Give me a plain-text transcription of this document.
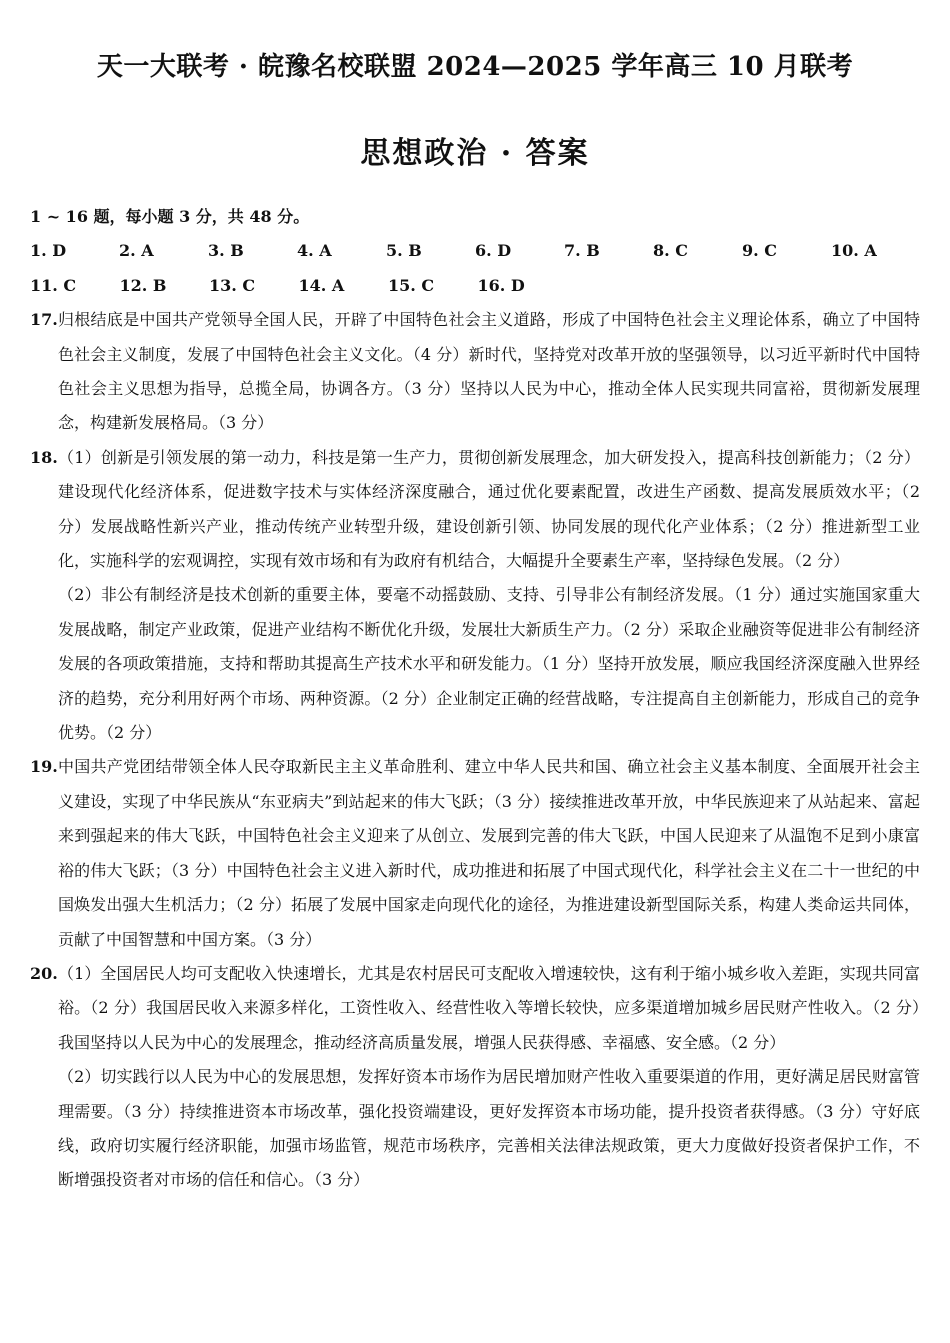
天一大联考 · 皖豫名校联盟 2024—2025 学年高三 10 月联考
思想政治 · 答案
1 ~ 16 题，每小题 3 分，共 48 分。
1. D	2. A	3. B	4. A	5. B	6. D	7. B	8. C	9. C	10. A
11. C	12. B	13. C	14. A	15. C	16. D
17. 归根结底是中国共产党领导全国人民，开辟了中国特色社会主义道路，形成了中国特色社会主义理论体系，确立了中国特色社会主义制度，发展了中国特色社会主义文化。（4 分）新时代，坚持党对改革开放的坚强领导，以习近平新时代中国特色社会主义思想为指导，总揽全局，协调各方。（3 分）坚持以人民为中心，推动全体人民实现共同富裕，贯彻新发展理念，构建新发展格局。（3 分）
18. （1）创新是引领发展的第一动力，科技是第一生产力，贯彻创新发展理念，加大研发投入，提高科技创新能力；（2 分）建设现代化经济体系，促进数字技术与实体经济深度融合，通过优化要素配置，改进生产函数、提高发展质效水平；（2 分）发展战略性新兴产业，推动传统产业转型升级，建设创新引领、协同发展的现代化产业体系；（2 分）推进新型工业化，实施科学的宏观调控，实现有效市场和有为政府有机结合，大幅提升全要素生产率，坚持绿色发展。（2 分）
（2）非公有制经济是技术创新的重要主体，要毫不动摇鼓励、支持、引导非公有制经济发展。（1 分）通过实施国家重大发展战略，制定产业政策，促进产业结构不断优化升级，发展壮大新质生产力。（2 分）采取企业融资等促进非公有制经济发展的各项政策措施，支持和帮助其提高生产技术水平和研发能力。（1 分）坚持开放发展，顺应我国经济深度融入世界经济的趋势，充分利用好两个市场、两种资源。（2 分）企业制定正确的经营战略，专注提高自主创新能力，形成自己的竞争优势。（2 分）
19. 中国共产党团结带领全体人民夺取新民主主义革命胜利、建立中华人民共和国、确立社会主义基本制度、全面展开社会主义建设，实现了中华民族从“东亚病夫”到站起来的伟大飞跃；（3 分）接续推进改革开放，中华民族迎来了从站起来、富起来到强起来的伟大飞跃，中国特色社会主义迎来了从创立、发展到完善的伟大飞跃，中国人民迎来了从温饱不足到小康富裕的伟大飞跃；（3 分）中国特色社会主义进入新时代，成功推进和拓展了中国式现代化，科学社会主义在二十一世纪的中国焕发出强大生机活力；（2 分）拓展了发展中国家走向现代化的途径，为推进建设新型国际关系，构建人类命运共同体，贡献了中国智慧和中国方案。（3 分）
20. （1）全国居民人均可支配收入快速增长，尤其是农村居民可支配收入增速较快，这有利于缩小城乡收入差距，实现共同富裕。（2 分）我国居民收入来源多样化，工资性收入、经营性收入等增长较快，应多渠道增加城乡居民财产性收入。（2 分）我国坚持以人民为中心的发展理念，推动经济高质量发展，增强人民获得感、幸福感、安全感。（2 分）
（2）切实践行以人民为中心的发展思想，发挥好资本市场作为居民增加财产性收入重要渠道的作用，更好满足居民财富管理需要。（3 分）持续推进资本市场改革，强化投资端建设，更好发挥资本市场功能，提升投资者获得感。（3 分）守好底线，政府切实履行经济职能，加强市场监管，规范市场秩序，完善相关法律法规政策，更大力度做好投资者保护工作，不断增强投资者对市场的信任和信心。（3 分）
